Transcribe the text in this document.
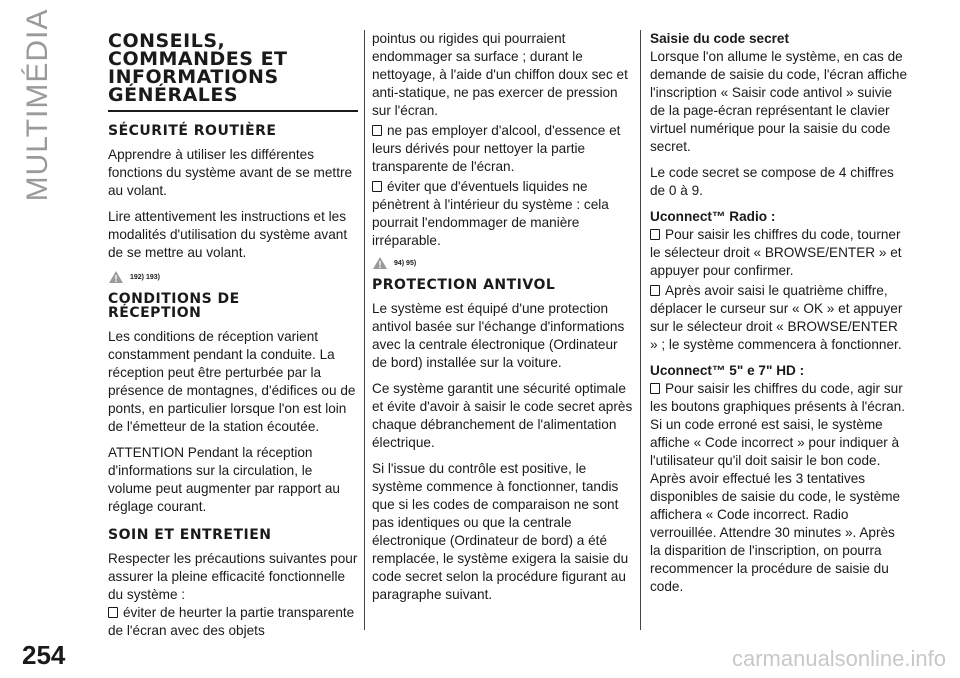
MULTIMÉDIA	CONSEILS,
COMMANDES ET
INFORMATIONS
GÉNÉRALES
SÉCURITÉ ROUTIÈRE

Apprendre à utiliser les différentes fonctions du système avant de se mettre au volant.

Lire attentivement les instructions et les modalités d'utilisation du système avant de se mettre au volant.

192) 193)
CONDITIONS DE
RÉCEPTION

Les conditions de réception varient constamment pendant la conduite. La réception peut être perturbée par la présence de montagnes, d'édifices ou de ponts, en particulier lorsque l'on est loin de l'émetteur de la station écoutée.

ATTENTION Pendant la réception d'informations sur la circulation, le volume peut augmenter par rapport au réglage courant.

SOIN ET ENTRETIEN

Respecter les précautions suivantes pour assurer la pleine efficacité fonctionnelle du système :

éviter de heurter la partie transparente de l'écran avec des objets

pointus ou rigides qui pourraient endommager sa surface ; durant le nettoyage, à l'aide d'un chiffon doux sec et anti-statique, ne pas exercer de pression sur l'écran.

ne pas employer d'alcool, d'essence et leurs dérivés pour nettoyer la partie transparente de l'écran.

éviter que d'éventuels liquides ne pénètrent à l'intérieur du système : cela pourrait l'endommager de manière irréparable.

94) 95)
PROTECTION ANTIVOL

Le système est équipé d'une protection antivol basée sur l'échange d'informations avec la centrale électronique (Ordinateur de bord) installée sur la voiture.

Ce système garantit une sécurité optimale et évite d'avoir à saisir le code secret après chaque débranchement de l'alimentation électrique.

Si l'issue du contrôle est positive, le système commence à fonctionner, tandis que si les codes de comparaison ne sont pas identiques ou que la centrale électronique (Ordinateur de bord) a été remplacée, le système exigera la saisie du code secret selon la procédure figurant au paragraphe suivant.

Saisie du code secret

Lorsque l'on allume le système, en cas de demande de saisie du code, l'écran affiche l'inscription « Saisir code antivol » suivie de la page-écran représentant le clavier virtuel numérique pour la saisie du code secret.

Le code secret se compose de 4 chiffres de 0 à 9.

Uconnect™ Radio :

Pour saisir les chiffres du code, tourner le sélecteur droit « BROWSE/ENTER » et appuyer pour confirmer.

Après avoir saisi le quatrième chiffre, déplacer le curseur sur « OK » et appuyer sur le sélecteur droit « BROWSE/ENTER » ; le système commencera à fonctionner.

Uconnect™ 5" e 7" HD :

Pour saisir les chiffres du code, agir sur les boutons graphiques présents à l'écran.

Si un code erroné est saisi, le système affiche « Code incorrect » pour indiquer à l'utilisateur qu'il doit saisir le bon code.

Après avoir effectué les 3 tentatives disponibles de saisie du code, le système affichera « Code incorrect. Radio verrouillée. Attendre 30 minutes ». Après la disparition de l'inscription, on pourra recommencer la procédure de saisie du code.

254	carmanualsonline.info
